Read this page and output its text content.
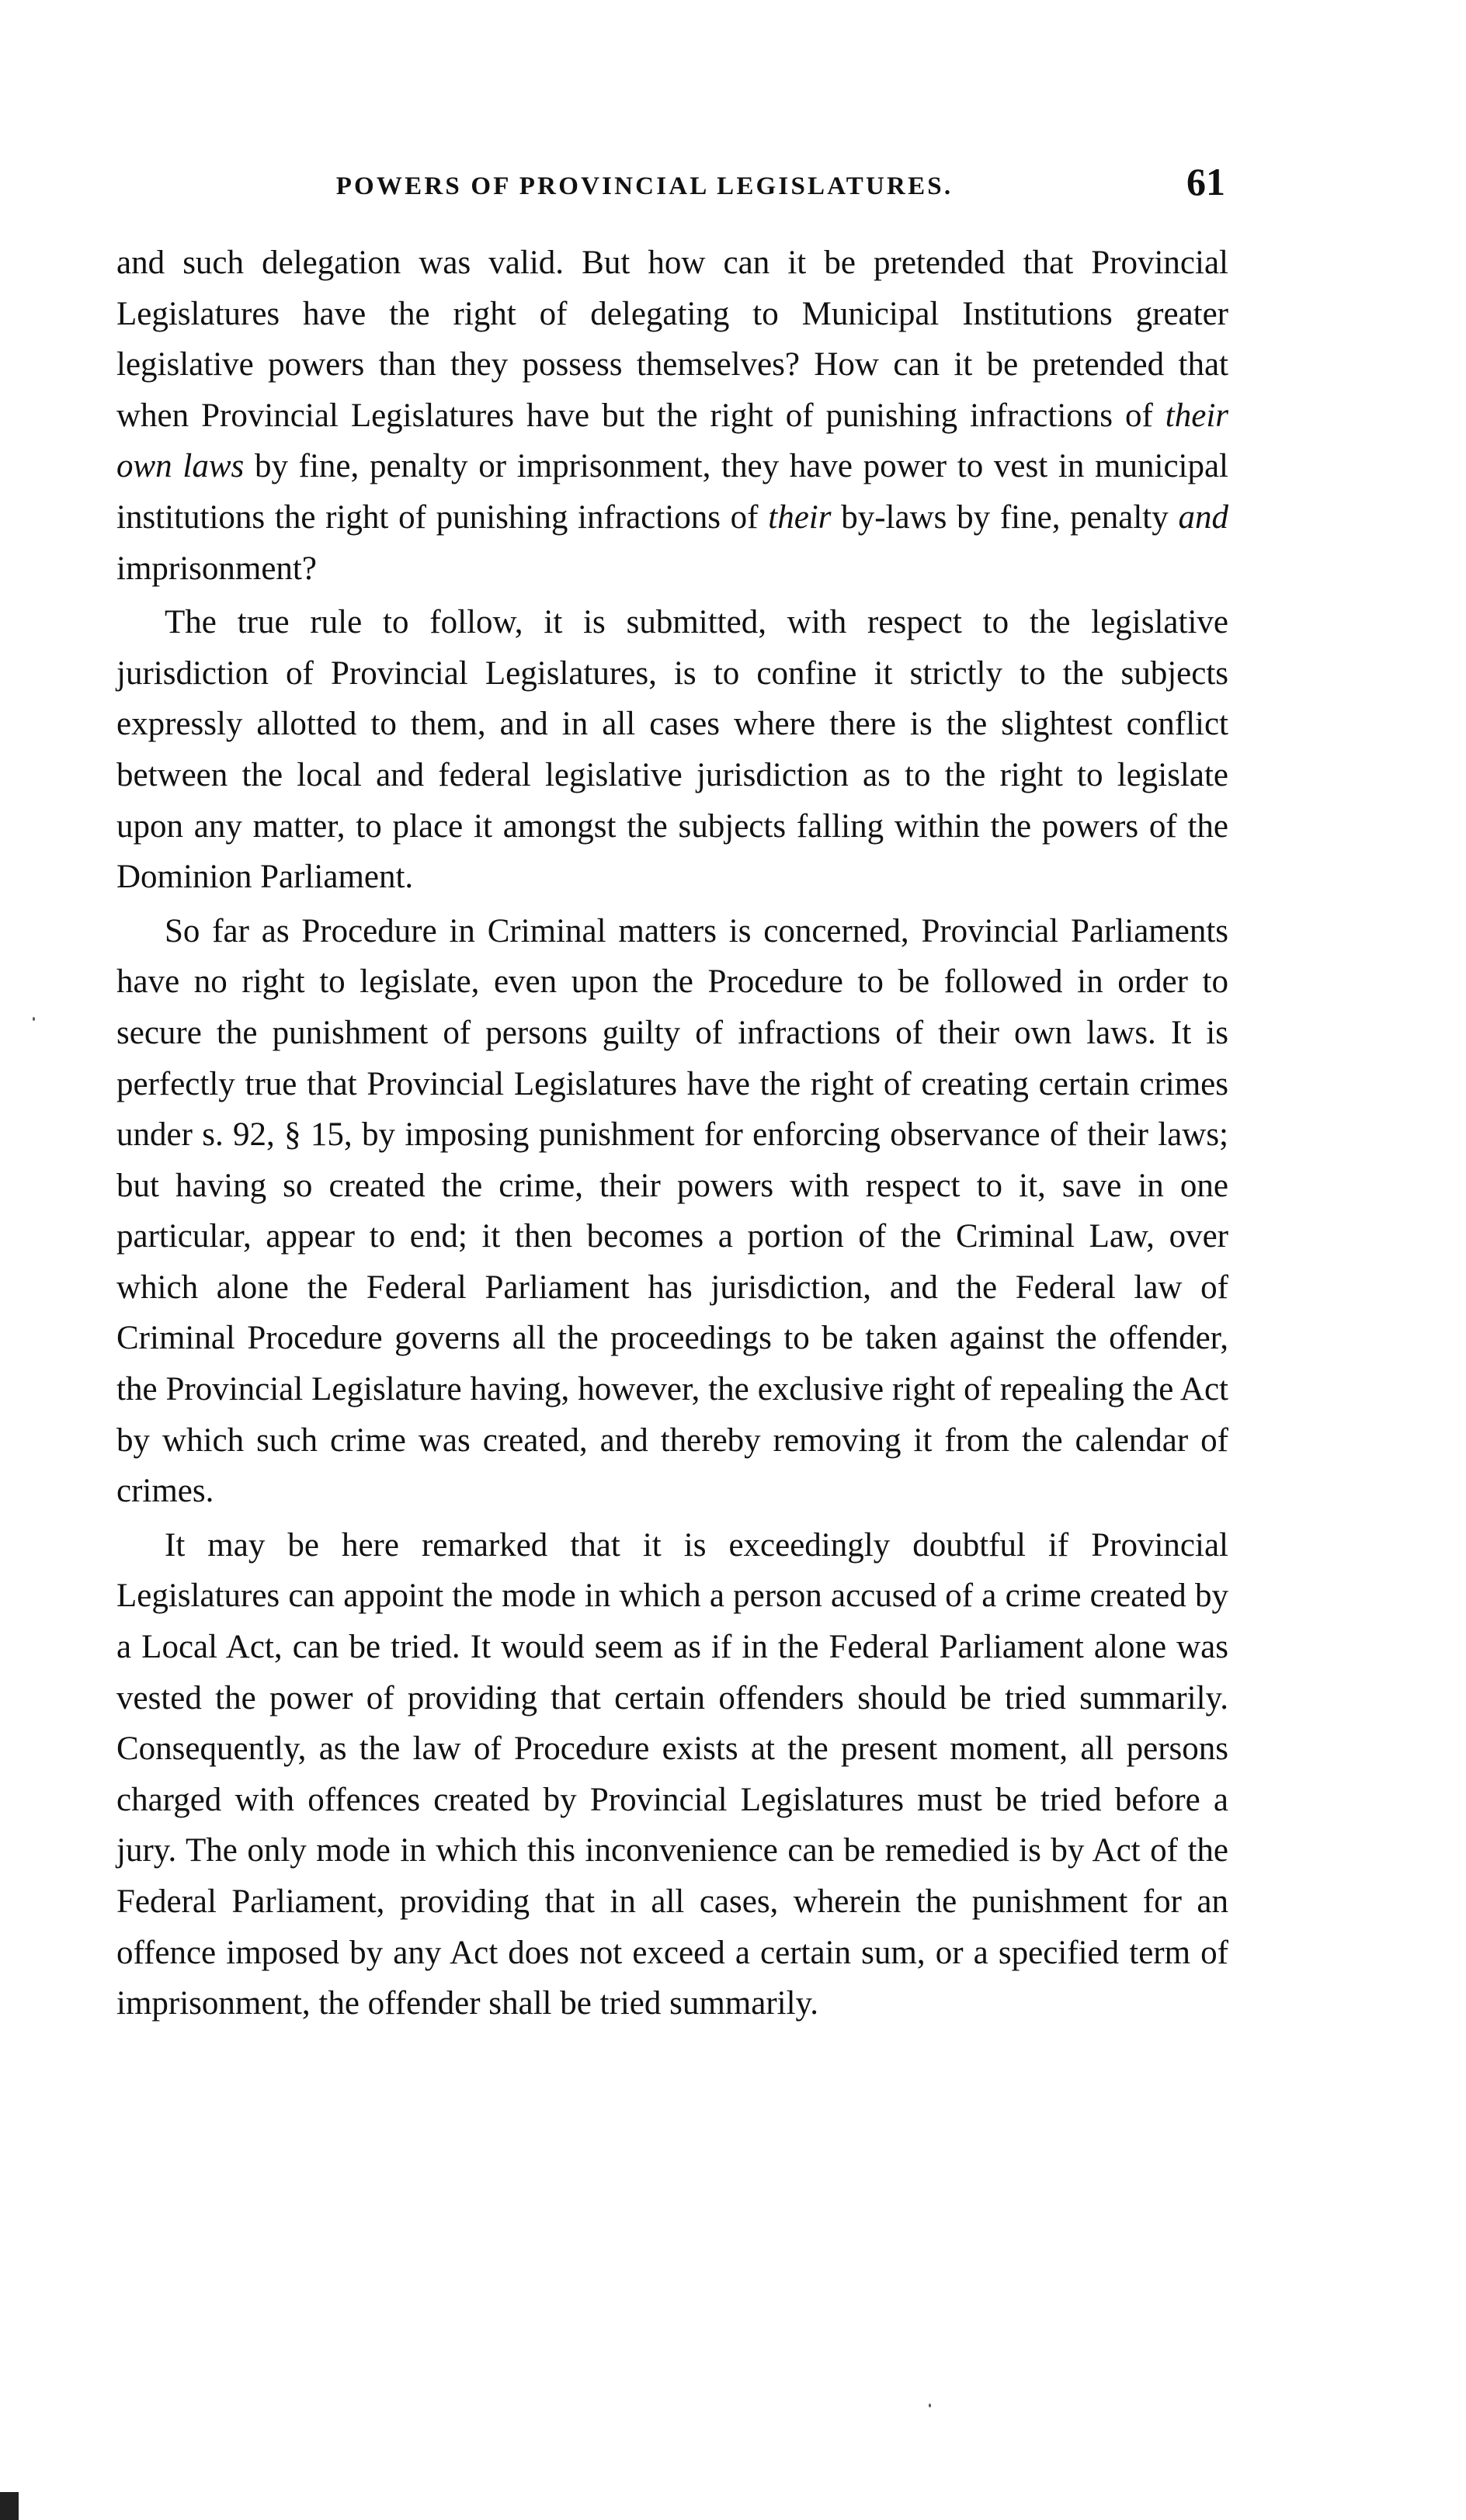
POWERS OF PROVINCIAL LEGISLATURES.	61

and such delegation was valid. But how can it be pretended that Provincial Legislatures have the right of delegating to Municipal Institutions greater legislative powers than they possess themselves? How can it be pretended that when Provincial Legislatures have but the right of punishing infractions of their own laws by fine, penalty or imprisonment, they have power to vest in municipal institutions the right of punishing infractions of their by-laws by fine, penalty and imprisonment?

The true rule to follow, it is submitted, with respect to the legislative jurisdiction of Provincial Legislatures, is to confine it strictly to the subjects expressly allotted to them, and in all cases where there is the slightest conflict between the local and federal legislative jurisdiction as to the right to legislate upon any matter, to place it amongst the subjects falling within the powers of the Dominion Parliament.

So far as Procedure in Criminal matters is concerned, Provincial Parliaments have no right to legislate, even upon the Procedure to be followed in order to secure the punishment of persons guilty of infractions of their own laws. It is perfectly true that Provincial Legislatures have the right of creating certain crimes under s. 92, § 15, by imposing punishment for enforcing observance of their laws; but having so created the crime, their powers with respect to it, save in one particular, appear to end; it then becomes a portion of the Criminal Law, over which alone the Federal Parliament has jurisdiction, and the Federal law of Criminal Procedure governs all the proceedings to be taken against the offender, the Provincial Legislature having, however, the exclusive right of repealing the Act by which such crime was created, and thereby removing it from the calendar of crimes.

It may be here remarked that it is exceedingly doubtful if Provincial Legislatures can appoint the mode in which a person accused of a crime created by a Local Act, can be tried. It would seem as if in the Federal Parliament alone was vested the power of providing that certain offenders should be tried summarily. Consequently, as the law of Procedure exists at the present moment, all persons charged with offences created by Provincial Legislatures must be tried before a jury. The only mode in which this inconvenience can be remedied is by Act of the Federal Parliament, providing that in all cases, wherein the punishment for an offence imposed by any Act does not exceed a certain sum, or a specified term of imprisonment, the offender shall be tried summarily.
